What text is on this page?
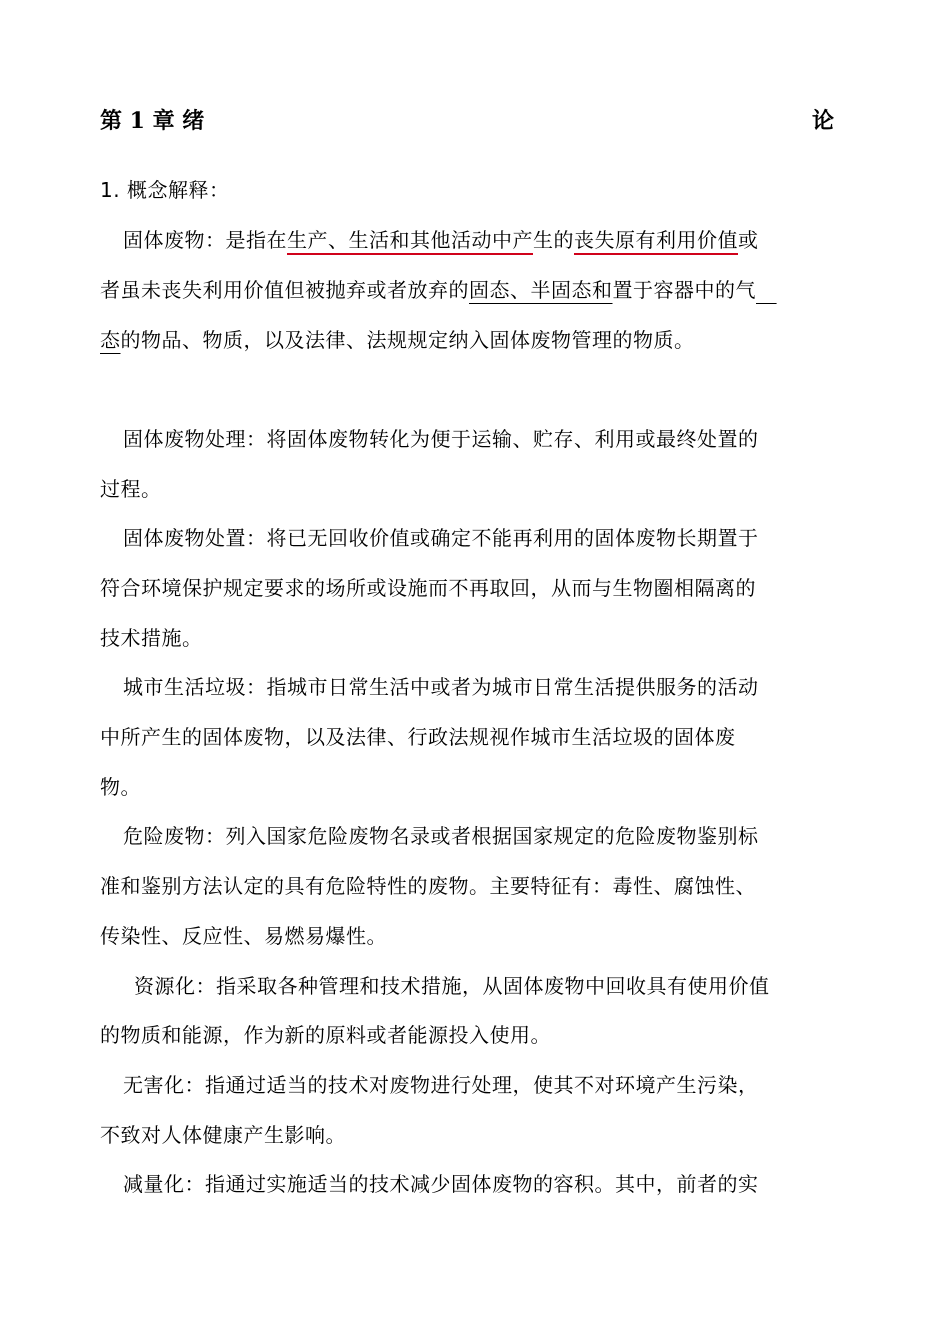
第 1 章 绪	论
1. 概念解释：
固体废物：是指在生产、生活和其他活动中产生的丧失原有利用价值或
者虽未丧失利用价值但被抛弃或者放弃的固态、半固态和置于容器中的气
态的物品、物质，以及法律、法规规定纳入固体废物管理的物质。
固体废物处理：将固体废物转化为便于运输、贮存、利用或最终处置的
过程。
固体废物处置：将已无回收价值或确定不能再利用的固体废物长期置于
符合环境保护规定要求的场所或设施而不再取回，从而与生物圈相隔离的
技术措施。
城市生活垃圾：指城市日常生活中或者为城市日常生活提供服务的活动
中所产生的固体废物，以及法律、行政法规视作城市生活垃圾的固体废
物。
危险废物：列入国家危险废物名录或者根据国家规定的危险废物鉴别标
准和鉴别方法认定的具有危险特性的废物。主要特征有：毒性、腐蚀性、
传染性、反应性、易燃易爆性。
资源化：指采取各种管理和技术措施，从固体废物中回收具有使用价值
的物质和能源，作为新的原料或者能源投入使用。
无害化：指通过适当的技术对废物进行处理，使其不对环境产生污染，
不致对人体健康产生影响。
减量化：指通过实施适当的技术减少固体废物的容积。其中，前者的实
